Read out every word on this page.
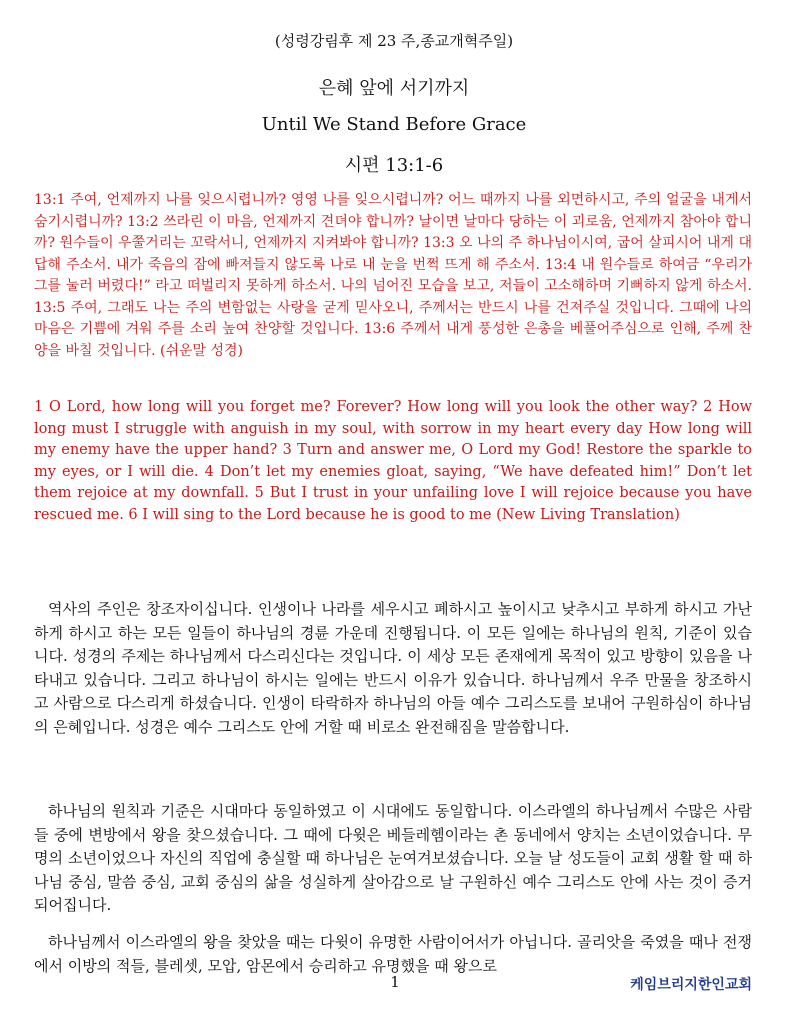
(성령강림후 제 23 주,종교개혁주일)
은혜 앞에 서기까지
Until We Stand Before Grace
시편 13:1-6
13:1 주여, 언제까지 나를 잊으시렵니까? 영영 나를 잊으시렵니까? 어느 때까지 나를 외면하시고, 주의 얼굴을 내게서 숨기시렵니까? 13:2 쓰라린 이 마음, 언제까지 견뎌야 합니까? 날이면 날마다 당하는 이 괴로움, 언제까지 참아야 합니까? 원수들이 우쭐거리는 꼬락서니, 언제까지 지켜봐야 합니까? 13:3 오 나의 주 하나님이시여, 굽어 살피시어 내게 대답해 주소서. 내가 죽음의 잠에 빠져들지 않도록 나로 내 눈을 번쩍 뜨게 해 주소서. 13:4 내 원수들로 하여금 “우리가 그를 눌러 버렸다!” 라고 떠벌리지 못하게 하소서. 나의 넘어진 모습을 보고, 저들이 고소해하며 기뻐하지 않게 하소서. 13:5 주여, 그래도 나는 주의 변함없는 사랑을 굳게 믿사오니, 주께서는 반드시 나를 건져주실 것입니다. 그때에 나의 마음은 기쁨에 겨워 주를 소리 높여 찬양할 것입니다. 13:6 주께서 내게 풍성한 은총을 베풀어주심으로 인해, 주께 찬양을 바칠 것입니다. (쉬운말 성경)
1 O Lord, how long will you forget me? Forever? How long will you look the other way? 2 How long must I struggle with anguish in my soul, with sorrow in my heart every day How long will my enemy have the upper hand? 3 Turn and answer me, O Lord my God! Restore the sparkle to my eyes, or I will die. 4 Don’t let my enemies gloat, saying, “We have defeated him!” Don’t let them rejoice at my downfall. 5 But I trust in your unfailing love I will rejoice because you have rescued me. 6 I will sing to the Lord because he is good to me (New Living Translation)
역사의 주인은 창조자이십니다. 인생이나 나라를 세우시고 폐하시고 높이시고 낮추시고 부하게 하시고 가난하게 하시고 하는 모든 일들이 하나님의 경륜 가운데 진행됩니다. 이 모든 일에는 하나님의 원칙, 기준이 있습니다. 성경의 주제는 하나님께서 다스리신다는 것입니다. 이 세상 모든 존재에게 목적이 있고 방향이 있음을 나타내고 있습니다. 그리고 하나님이 하시는 일에는 반드시 이유가 있습니다. 하나님께서 우주 만물을 창조하시고 사람으로 다스리게 하셨습니다. 인생이 타락하자 하나님의 아들 예수 그리스도를 보내어 구원하심이 하나님의 은혜입니다. 성경은 예수 그리스도 안에 거할 때 비로소 완전해짐을 말씀합니다.
하나님의 원칙과 기준은 시대마다 동일하였고 이 시대에도 동일합니다. 이스라엘의 하나님께서 수많은 사람들 중에 변방에서 왕을 찾으셨습니다. 그 때에 다윗은 베들레헴이라는 촌 동네에서 양치는 소년이었습니다. 무명의 소년이었으나 자신의 직업에 충실할 때 하나님은 눈여겨보셨습니다. 오늘 날 성도들이 교회 생활 할 때 하나님 중심, 말씀 중심, 교회 중심의 삶을 성실하게 살아감으로 날 구원하신 예수 그리스도 안에 사는 것이 증거되어집니다.
하나님께서 이스라엘의 왕을 찾았을 때는 다윗이 유명한 사람이어서가 아닙니다. 골리앗을 죽였을 때나 전쟁에서 이방의 적들, 블레셋, 모압, 암몬에서 승리하고 유명했을 때 왕으로
1	케임브리지한인교회
